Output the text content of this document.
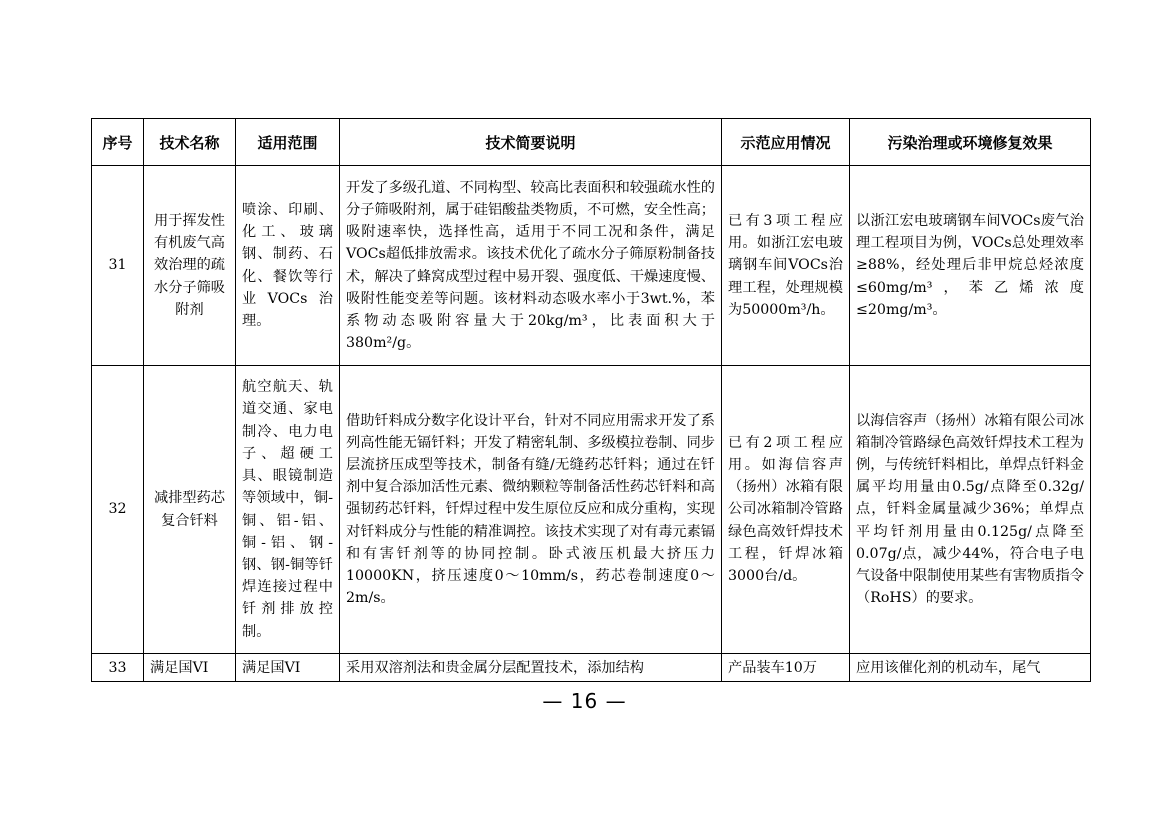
序号	技术名称	适用范围	技术简要说明	示范应用情况	污染治理或环境修复效果

31	用于挥发性有机废气高效治理的疏水分子筛吸附剂	喷涂、印刷、化工、玻璃钢、制药、石化、餐饮等行业VOCs治理。	开发了多级孔道、不同构型、较高比表面积和较强疏水性的分子筛吸附剂，属于硅铝酸盐类物质，不可燃，安全性高；吸附速率快，选择性高，适用于不同工况和条件，满足VOCs超低排放需求。该技术优化了疏水分子筛原粉制备技术，解决了蜂窝成型过程中易开裂、强度低、干燥速度慢、吸附性能变差等问题。该材料动态吸水率小于3wt.%，苯系物动态吸附容量大于20kg/m³，比表面积大于380m²/g。	已有3项工程应用。如浙江宏电玻璃钢车间VOCs治理工程，处理规模为50000m³/h。	以浙江宏电玻璃钢车间VOCs废气治理工程项目为例，VOCs总处理效率≥88%，经处理后非甲烷总烃浓度≤60mg/m³，苯乙烯浓度≤20mg/m³。

32	减排型药芯复合钎料	航空航天、轨道交通、家电制冷、电力电子、超硬工具、眼镜制造等领域中，铜-铜、铝-铝、铜-铝、钢-钢、钢-铜等钎焊连接过程中钎剂排放控制。	借助钎料成分数字化设计平台，针对不同应用需求开发了系列高性能无镉钎料；开发了精密轧制、多级模拉卷制、同步层流挤压成型等技术，制备有缝/无缝药芯钎料；通过在钎剂中复合添加活性元素、微纳颗粒等制备活性药芯钎料和高强韧药芯钎料，钎焊过程中发生原位反应和成分重构，实现对钎料成分与性能的精准调控。该技术实现了对有毒元素镉和有害钎剂等的协同控制。卧式液压机最大挤压力10000KN，挤压速度0～10mm/s，药芯卷制速度0～2m/s。	已有2项工程应用。如海信容声（扬州）冰箱有限公司冰箱制冷管路绿色高效钎焊技术工程，钎焊冰箱3000台/d。	以海信容声（扬州）冰箱有限公司冰箱制冷管路绿色高效钎焊技术工程为例，与传统钎料相比，单焊点钎料金属平均用量由0.5g/点降至0.32g/点，钎料金属量减少36%；单焊点平均钎剂用量由0.125g/点降至0.07g/点，减少44%，符合电子电气设备中限制使用某些有害物质指令（RoHS）的要求。

33	满足国VI	满足国VI	采用双溶剂法和贵金属分层配置技术，添加结构	产品装车10万	应用该催化剂的机动车，尾气
— 16 —
